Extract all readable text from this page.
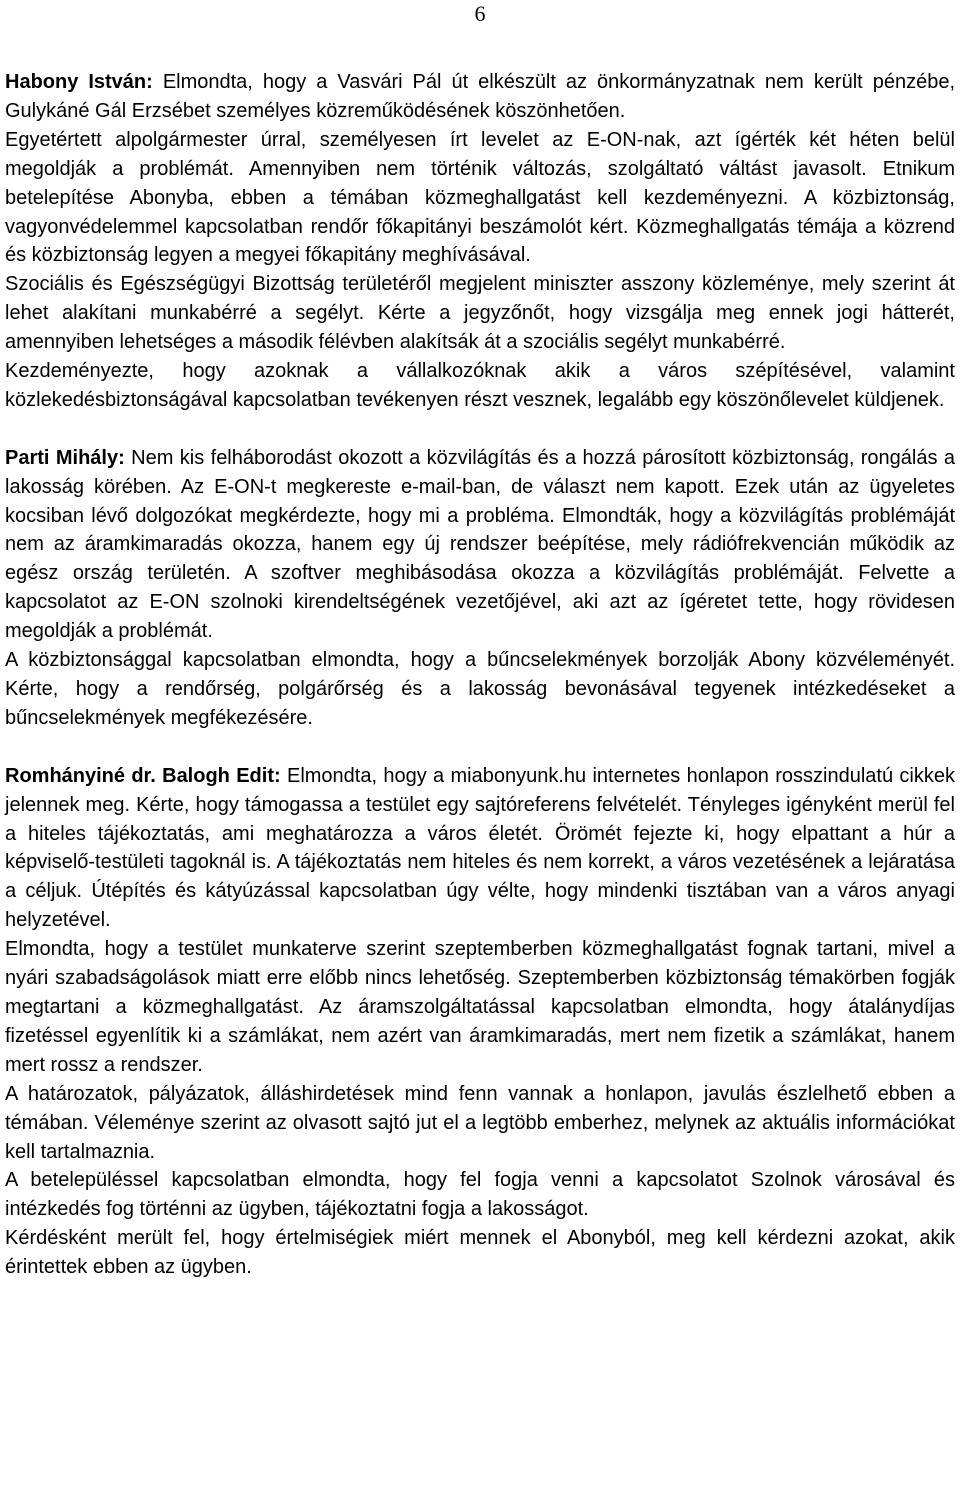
6

Habony István: Elmondta, hogy a Vasvári Pál út elkészült az önkormányzatnak nem került pénzébe, Gulykáné Gál Erzsébet személyes közreműködésének köszönhetően.

Egyetértett alpolgármester úrral, személyesen írt levelet az E-ON-nak, azt ígérték két héten belül megoldják a problémát. Amennyiben nem történik változás, szolgáltató váltást javasolt. Etnikum betelepítése Abonyba, ebben a témában közmeghallgatást kell kezdeményezni. A közbiztonság, vagyonvédelemmel kapcsolatban rendőr főkapitányi beszámolót kért. Közmeghallgatás témája a közrend és közbiztonság legyen a megyei főkapitány meghívásával.

Szociális és Egészségügyi Bizottság területéről megjelent miniszter asszony közleménye, mely szerint át lehet alakítani munkabérré a segélyt. Kérte a jegyzőnőt, hogy vizsgálja meg ennek jogi hátterét, amennyiben lehetséges a második félévben alakítsák át a szociális segélyt munkabérré.

Kezdeményezte, hogy azoknak a vállalkozóknak akik a város szépítésével, valamint közlekedésbiztonságával kapcsolatban tevékenyen részt vesznek, legalább egy köszönőlevelet küldjenek.

Parti Mihály: Nem kis felháborodást okozott a közvilágítás és a hozzá párosított közbiztonság, rongálás a lakosság körében. Az E-ON-t megkereste e-mail-ban, de választ nem kapott. Ezek után az ügyeletes kocsiban lévő dolgozókat megkérdezte, hogy mi a probléma. Elmondták, hogy a közvilágítás problémáját nem az áramkimaradás okozza, hanem egy új rendszer beépítése, mely rádiófrekvencián működik az egész ország területén. A szoftver meghibásodása okozza a közvilágítás problémáját. Felvette a kapcsolatot az E-ON szolnoki kirendeltségének vezetőjével, aki azt az ígéretet tette, hogy rövidesen megoldják a problémát.

A közbiztonsággal kapcsolatban elmondta, hogy a bűncselekmények borzolják Abony közvéleményét. Kérte, hogy a rendőrség, polgárőrség és a lakosság bevonásával tegyenek intézkedéseket a bűncselekmények megfékezésére.

Romhányiné dr. Balogh Edit: Elmondta, hogy a miabonyunk.hu internetes honlapon rosszindulatú cikkek jelennek meg. Kérte, hogy támogassa a testület egy sajtóreferens felvételét. Tényleges igényként merül fel a hiteles tájékoztatás, ami meghatározza a város életét. Örömét fejezte ki, hogy elpattant a húr a képviselő-testületi tagoknál is. A tájékoztatás nem hiteles és nem korrekt, a város vezetésének a lejáratása a céljuk. Útépítés és kátyúzással kapcsolatban úgy vélte, hogy mindenki tisztában van a város anyagi helyzetével.

Elmondta, hogy a testület munkaterve szerint szeptemberben közmeghallgatást fognak tartani, mivel a nyári szabadságolások miatt erre előbb nincs lehetőség. Szeptemberben közbiztonság témakörben fogják megtartani a közmeghallgatást. Az áramszolgáltatással kapcsolatban elmondta, hogy átalánydíjas fizetéssel egyenlítik ki a számlákat, nem azért van áramkimaradás, mert nem fizetik a számlákat, hanem mert rossz a rendszer.

A határozatok, pályázatok, álláshirdetések mind fenn vannak a honlapon, javulás észlelhető ebben a témában. Véleménye szerint az olvasott sajtó jut el a legtöbb emberhez, melynek az aktuális információkat kell tartalmaznia.

A betelepüléssel kapcsolatban elmondta, hogy fel fogja venni a kapcsolatot Szolnok városával és intézkedés fog történni az ügyben, tájékoztatni fogja a lakosságot.

Kérdésként merült fel, hogy értelmiségiek miért mennek el Abonyból, meg kell kérdezni azokat, akik érintettek ebben az ügyben.
